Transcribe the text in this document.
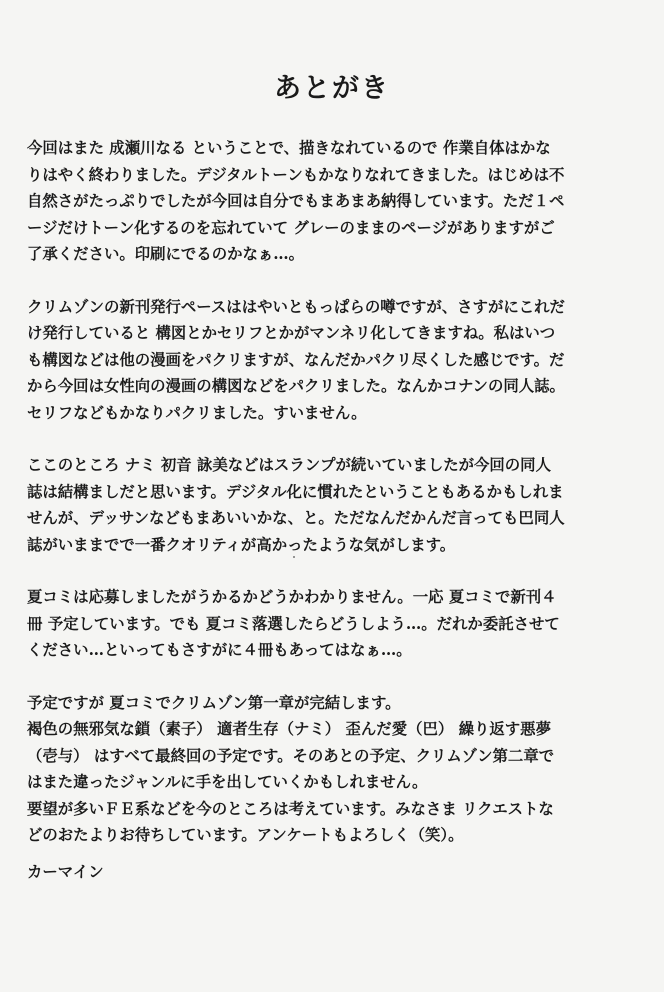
あとがき

今回はまた 成瀬川なる ということで、描きなれているので 作業自体はかな
りはやく終わりました。デジタルトーンもかなりなれてきました。はじめは不
自然さがたっぷりでしたが今回は自分でもまあまあ納得しています。ただ１ペ
ージだけトーン化するのを忘れていて グレーのままのページがありますがご
了承ください。印刷にでるのかなぁ…。

クリムゾンの新刊発行ペースははやいともっぱらの噂ですが、さすがにこれだ
け発行していると 構図とかセリフとかがマンネリ化してきますね。私はいつ
も構図などは他の漫画をパクリますが、なんだかパクリ尽くした感じです。だ
から今回は女性向の漫画の構図などをパクリました。なんかコナンの同人誌。
セリフなどもかなりパクリました。すいません。

ここのところ ナミ 初音 詠美などはスランプが続いていましたが今回の同人
誌は結構ましだと思います。デジタル化に慣れたということもあるかもしれま
せんが、デッサンなどもまあいいかな、と。ただなんだかんだ言っても巴同人
誌がいままでで一番クオリティが高かったような気がします。

夏コミは応募しましたがうかるかどうかわかりません。一応 夏コミで新刊４
冊 予定しています。でも 夏コミ落選したらどうしよう…。だれか委託させて
ください…といってもさすがに４冊もあってはなぁ…。

予定ですが 夏コミでクリムゾン第一章が完結します。
褐色の無邪気な鎖（素子） 適者生存（ナミ） 歪んだ愛（巴） 繰り返す悪夢
（壱与） はすべて最終回の予定です。そのあとの予定、クリムゾン第二章で
はまた違ったジャンルに手を出していくかもしれません。
要望が多いＦＥ系などを今のところは考えています。みなさま リクエストな
どのおたよりお待ちしています。アンケートもよろしく（笑）。

カーマイン
